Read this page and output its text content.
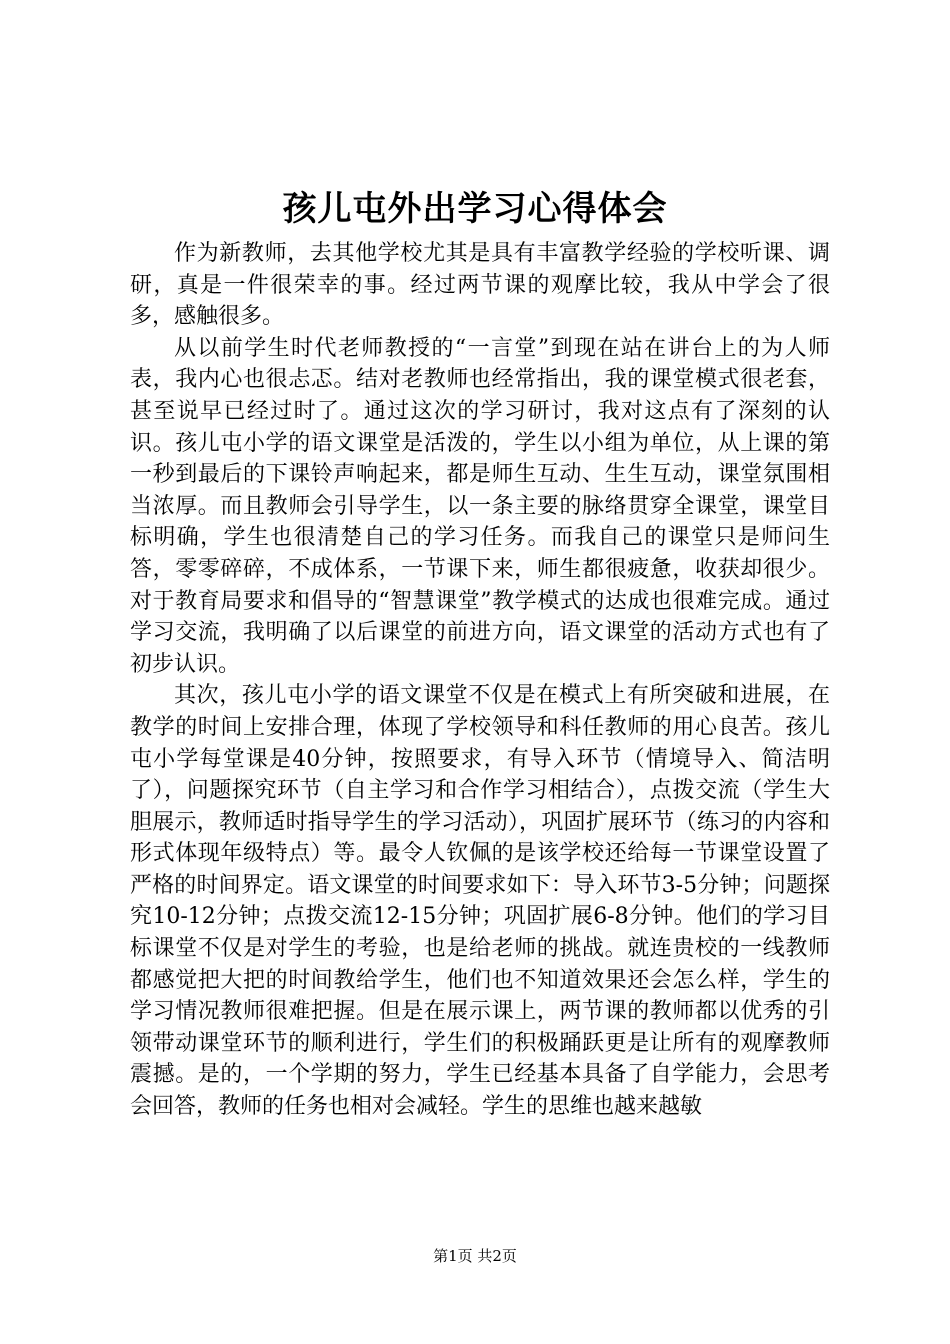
孩儿屯外出学习心得体会

作为新教师，去其他学校尤其是具有丰富教学经验的学校听课、调研，真是一件很荣幸的事。经过两节课的观摩比较，我从中学会了很多，感触很多。

从以前学生时代老师教授的“一言堂”到现在站在讲台上的为人师表，我内心也很忐忑。结对老教师也经常指出，我的课堂模式很老套，甚至说早已经过时了。通过这次的学习研讨，我对这点有了深刻的认识。孩儿屯小学的语文课堂是活泼的，学生以小组为单位，从上课的第一秒到最后的下课铃声响起来，都是师生互动、生生互动，课堂氛围相当浓厚。而且教师会引导学生，以一条主要的脉络贯穿全课堂，课堂目标明确，学生也很清楚自己的学习任务。而我自己的课堂只是师问生答，零零碎碎，不成体系，一节课下来，师生都很疲惫，收获却很少。对于教育局要求和倡导的“智慧课堂”教学模式的达成也很难完成。通过学习交流，我明确了以后课堂的前进方向，语文课堂的活动方式也有了初步认识。

其次，孩儿屯小学的语文课堂不仅是在模式上有所突破和进展，在教学的时间上安排合理，体现了学校领导和科任教师的用心良苦。孩儿屯小学每堂课是40分钟，按照要求，有导入环节（情境导入、简洁明了），问题探究环节（自主学习和合作学习相结合），点拨交流（学生大胆展示，教师适时指导学生的学习活动），巩固扩展环节（练习的内容和形式体现年级特点）等。最令人钦佩的是该学校还给每一节课堂设置了严格的时间界定。语文课堂的时间要求如下：导入环节3-5分钟；问题探究10-12分钟；点拨交流12-15分钟；巩固扩展6-8分钟。他们的学习目标课堂不仅是对学生的考验，也是给老师的挑战。就连贵校的一线教师都感觉把大把的时间教给学生，他们也不知道效果还会怎么样，学生的学习情况教师很难把握。但是在展示课上，两节课的教师都以优秀的引领带动课堂环节的顺利进行，学生们的积极踊跃更是让所有的观摩教师震撼。是的，一个学期的努力，学生已经基本具备了自学能力，会思考会回答，教师的任务也相对会减轻。学生的思维也越来越敏

第1页 共2页
